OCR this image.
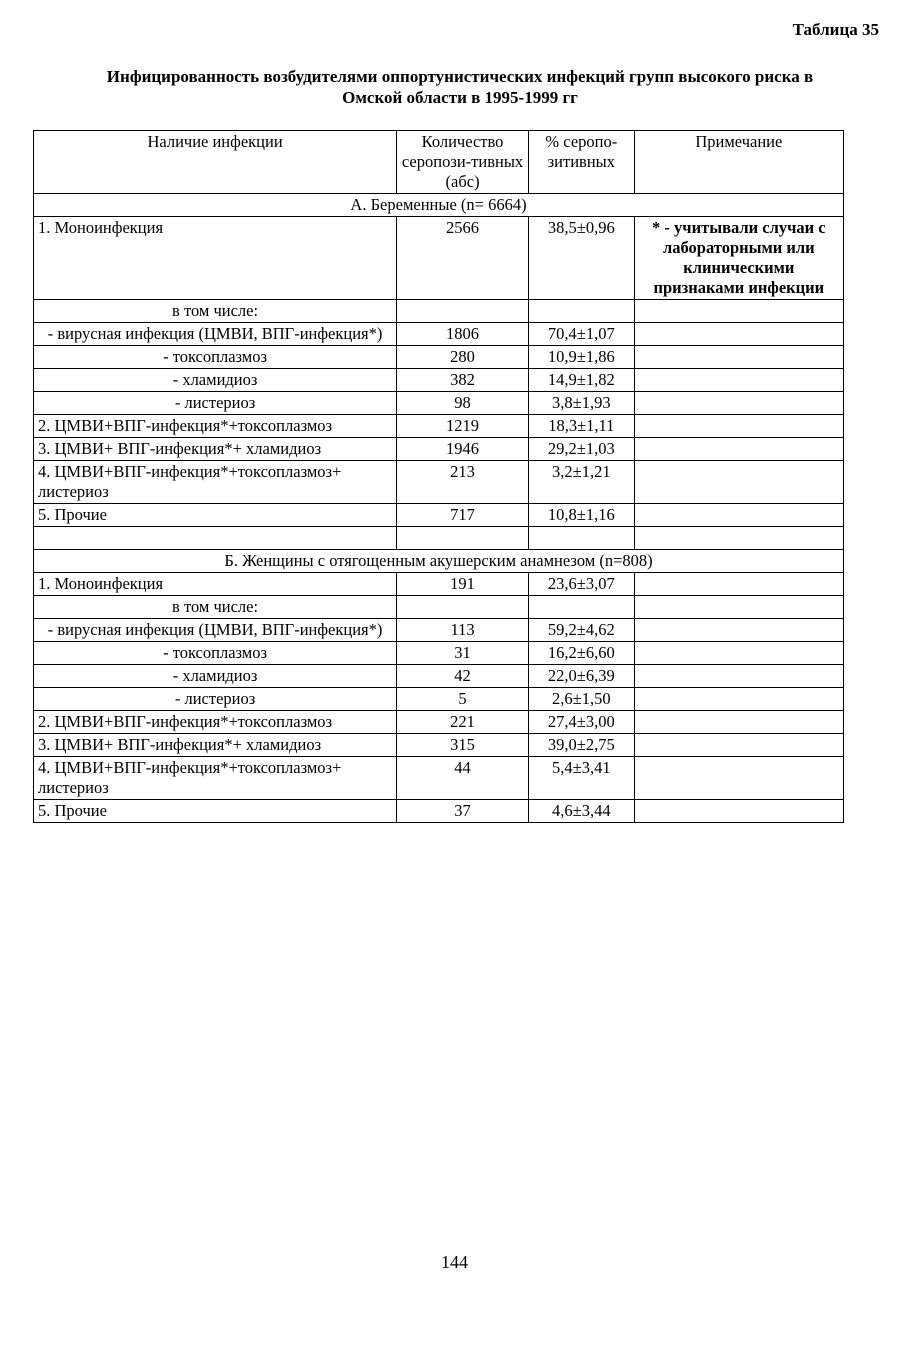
Таблица 35
Инфицированность возбудителями оппортунистических инфекций групп высокого риска в
Омской области в 1995-1999 гг
Наличие инфекции	Количество серопози-тивных (абс)	% серопо-зитивных	Примечание
А. Беременные (n= 6664)			
1. Моноинфекция	2566	38,5±0,96	* - учитывали случаи с лабораторными или клиническими признаками инфекции
в том числе:			
- вирусная инфекция (ЦМВИ, ВПГ-инфекция*)	1806	70,4±1,07	
- токсоплазмоз	280	10,9±1,86	
- хламидиоз	382	14,9±1,82	
- листериоз	98	3,8±1,93	
2. ЦМВИ+ВПГ-инфекция*+токсоплазмоз	1219	18,3±1,11	
3. ЦМВИ+ ВПГ-инфекция*+ хламидиоз	1946	29,2±1,03	
4. ЦМВИ+ВПГ-инфекция*+токсоплазмоз+ листериоз	213	3,2±1,21	
5. Прочие	717	10,8±1,16	

Б. Женщины с отягощенным акушерским анамнезом (n=808)			
1. Моноинфекция	191	23,6±3,07	
в том числе:			
- вирусная инфекция (ЦМВИ, ВПГ-инфекция*)	113	59,2±4,62	
- токсоплазмоз	31	16,2±6,60	
- хламидиоз	42	22,0±6,39	
- листериоз	5	2,6±1,50	
2. ЦМВИ+ВПГ-инфекция*+токсоплазмоз	221	27,4±3,00	
3. ЦМВИ+ ВПГ-инфекция*+ хламидиоз	315	39,0±2,75	
4. ЦМВИ+ВПГ-инфекция*+токсоплазмоз+ листериоз	44	5,4±3,41	
5. Прочие	37	4,6±3,44	
144
